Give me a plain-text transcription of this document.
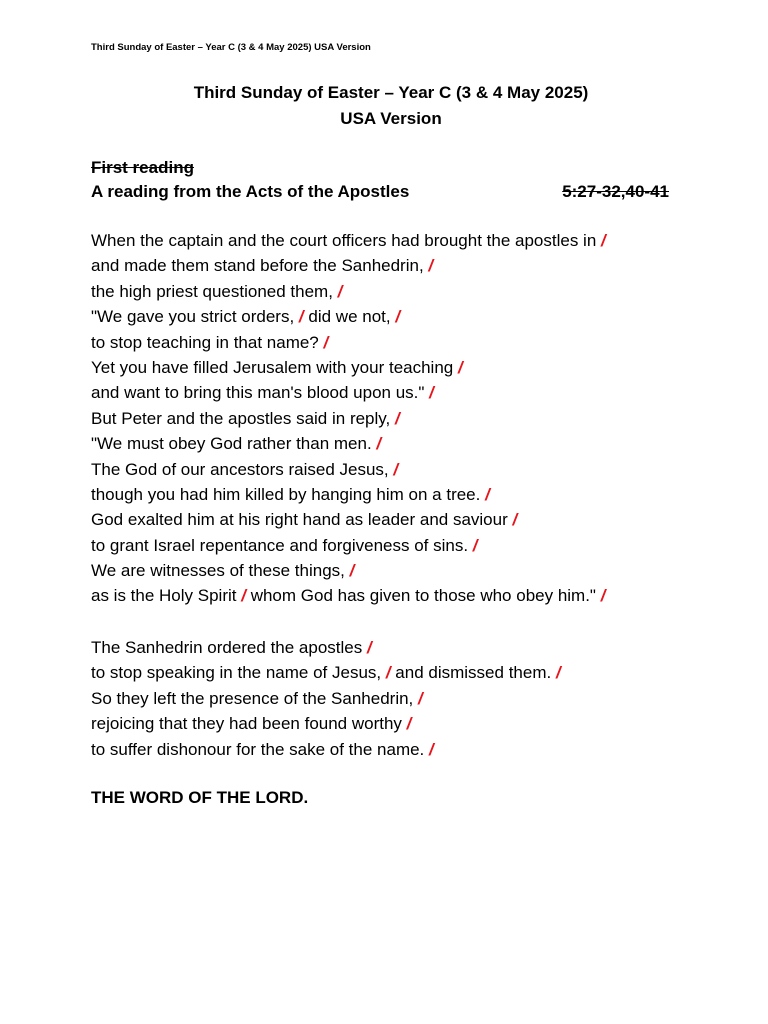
Third Sunday of Easter – Year C (3 & 4 May 2025) USA Version
Third Sunday of Easter – Year C (3 & 4 May 2025)
USA Version
First reading
A reading from the Acts of the Apostles	5:27-32,40-41
When the captain and the court officers had brought the apostles in /
and made them stand before the Sanhedrin, /
the high priest questioned them, /
"We gave you strict orders, / did we not, /
to stop teaching in that name? /
Yet you have filled Jerusalem with your teaching /
and want to bring this man's blood upon us." /
But Peter and the apostles said in reply, /
"We must obey God rather than men. /
The God of our ancestors raised Jesus, /
though you had him killed by hanging him on a tree. /
God exalted him at his right hand as leader and saviour /
to grant Israel repentance and forgiveness of sins. /
We are witnesses of these things, /
as is the Holy Spirit / whom God has given to those who obey him." /
The Sanhedrin ordered the apostles /
to stop speaking in the name of Jesus, / and dismissed them. /
So they left the presence of the Sanhedrin, /
rejoicing that they had been found worthy /
to suffer dishonour for the sake of the name. /
THE WORD OF THE LORD.
